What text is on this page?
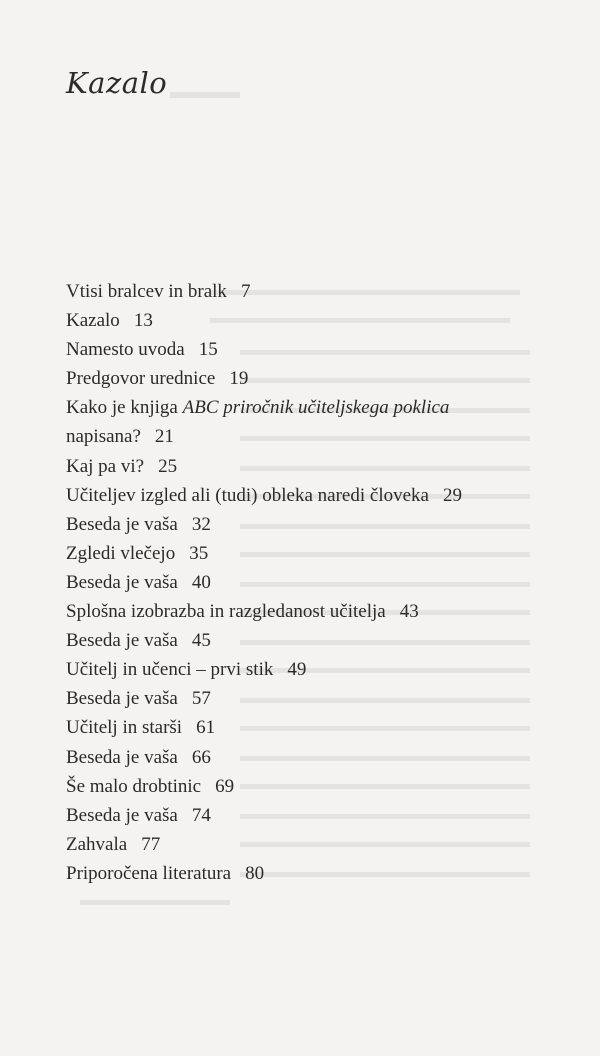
Kazalo
Vtisi bralcev in bralk 7
Kazalo 13
Namesto uvoda 15
Predgovor urednice 19
Kako je knjiga ABC priročnik učiteljskega poklica
napisana? 21
Kaj pa vi? 25
Učiteljev izgled ali (tudi) obleka naredi človeka 29
Beseda je vaša 32
Zgledi vlečejo 35
Beseda je vaša 40
Splošna izobrazba in razgledanost učitelja 43
Beseda je vaša 45
Učitelj in učenci – prvi stik 49
Beseda je vaša 57
Učitelj in starši 61
Beseda je vaša 66
Še malo drobtinic 69
Beseda je vaša 74
Zahvala 77
Priporočena literatura 80
